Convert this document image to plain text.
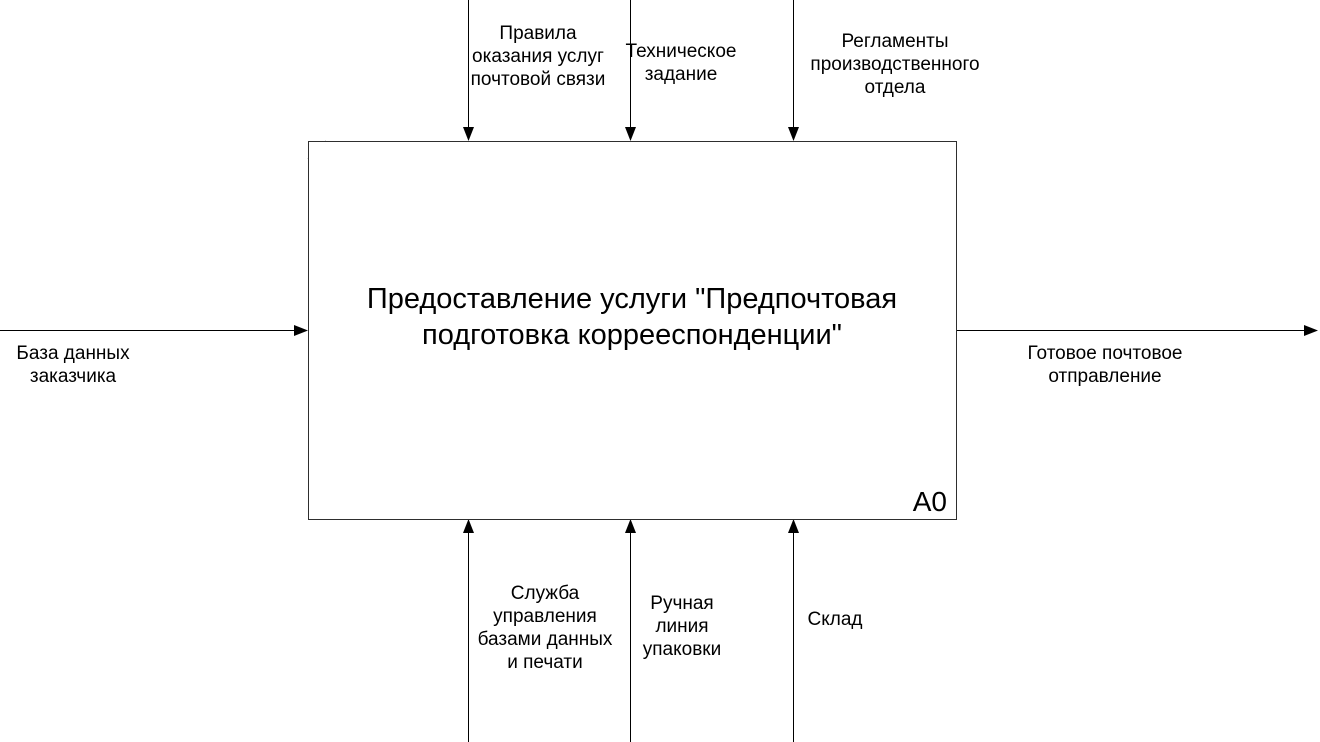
Предоставление услуги "Предпочтовая подготовка коррееспонденции"
A0
Правила оказания услуг почтовой связи
Техническое задание
Регламенты производственного отдела
База данных заказчика
Готовое почтовое отправление
Служба управления базами данных и печати
Ручная линия упаковки
Склад
